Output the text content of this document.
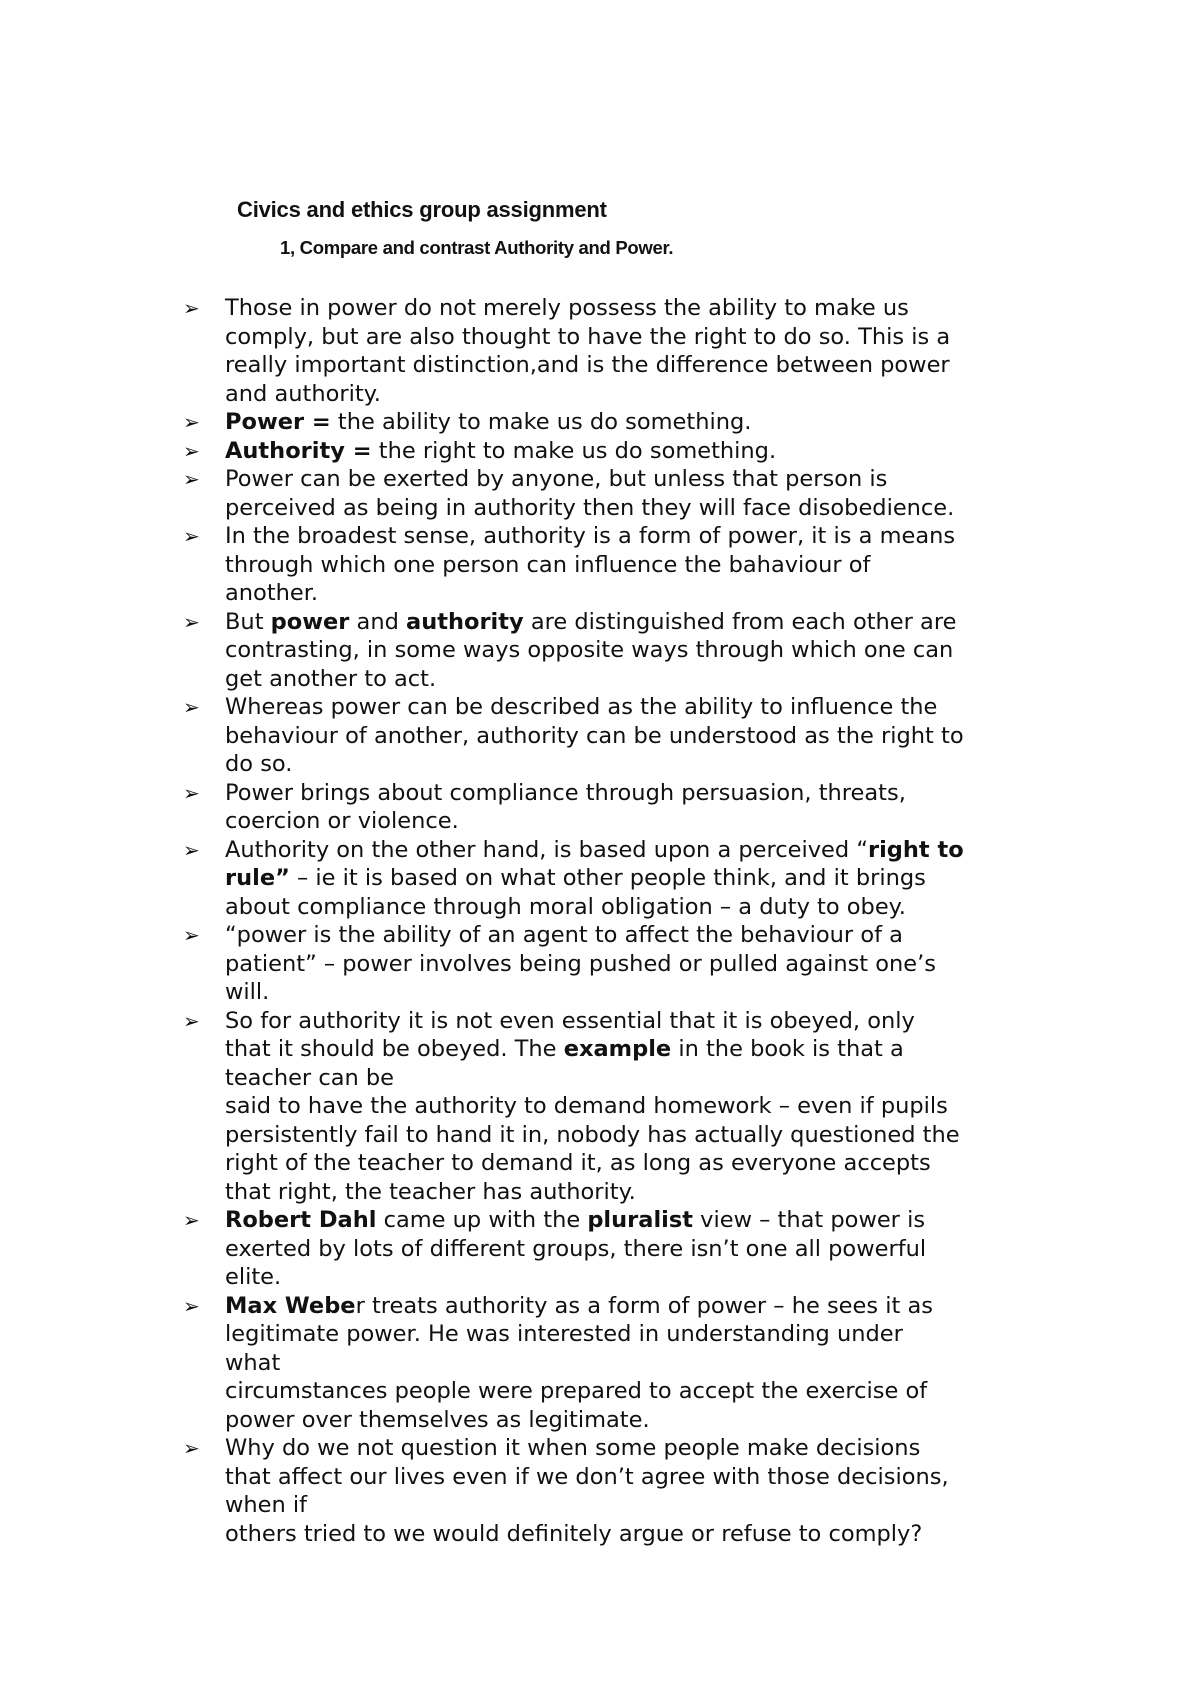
Civics and ethics group assignment
1, Compare and contrast Authority and Power.
➢ Those in power do not merely possess the ability to make us
comply, but are also thought to have the right to do so. This is a
really important distinction,and is the difference between power
and authority.
➢ Power = the ability to make us do something.
➢ Authority = the right to make us do something.
➢ Power can be exerted by anyone, but unless that person is
perceived as being in authority then they will face disobedience.
➢ In the broadest sense, authority is a form of power, it is a means
through which one person can influence the bahaviour of
another.
➢ But power and authority are distinguished from each other are
contrasting, in some ways opposite ways through which one can
get another to act.
➢ Whereas power can be described as the ability to influence the
behaviour of another, authority can be understood as the right to
do so.
➢ Power brings about compliance through persuasion, threats,
coercion or violence.
➢ Authority on the other hand, is based upon a perceived “right to
rule” – ie it is based on what other people think, and it brings
about compliance through moral obligation – a duty to obey.
➢ “power is the ability of an agent to affect the behaviour of a
patient” – power involves being pushed or pulled against one’s
will.
➢ So for authority it is not even essential that it is obeyed, only
that it should be obeyed. The example in the book is that a
teacher can be
said to have the authority to demand homework – even if pupils
persistently fail to hand it in, nobody has actually questioned the
right of the teacher to demand it, as long as everyone accepts
that right, the teacher has authority.
➢ Robert Dahl came up with the pluralist view – that power is
exerted by lots of different groups, there isn’t one all powerful
elite.
➢ Max Weber treats authority as a form of power – he sees it as
legitimate power. He was interested in understanding under
what
circumstances people were prepared to accept the exercise of
power over themselves as legitimate.
➢ Why do we not question it when some people make decisions
that affect our lives even if we don’t agree with those decisions,
when if
others tried to we would definitely argue or refuse to comply?
